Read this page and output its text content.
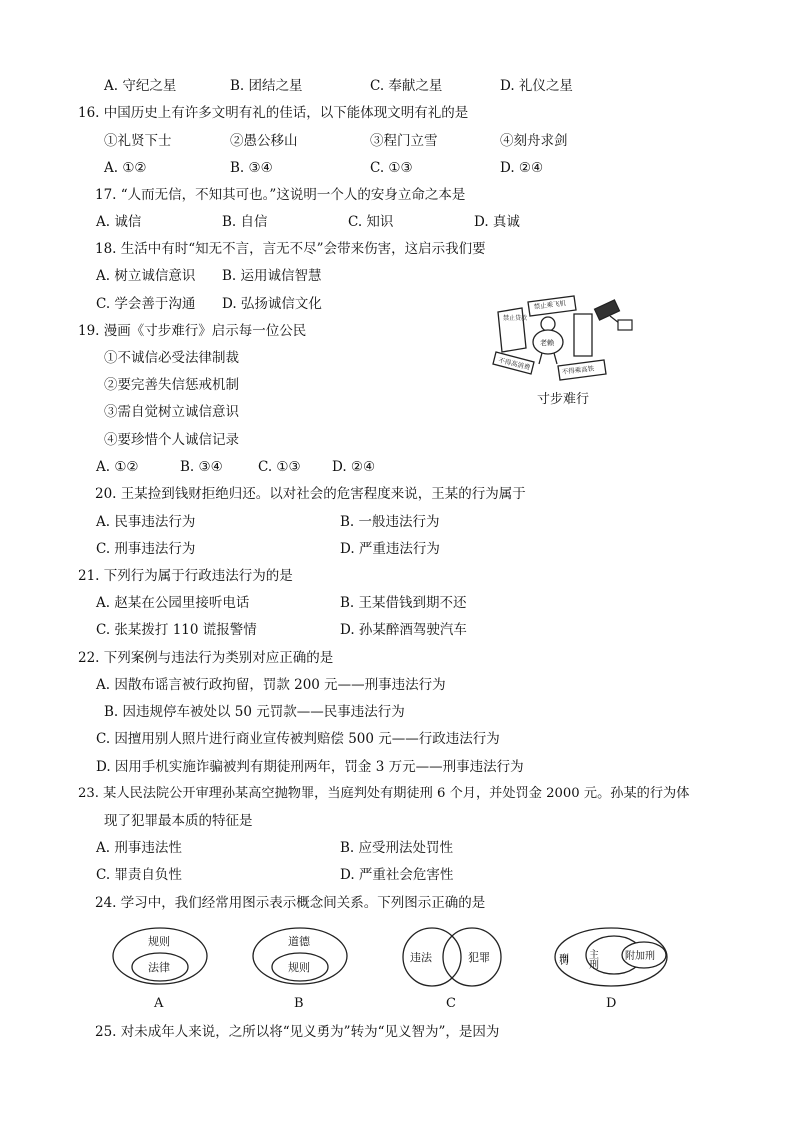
A. 守纪之星	B. 团结之星	C. 奉献之星	D. 礼仪之星
16. 中国历史上有许多文明有礼的佳话，以下能体现文明有礼的是
①礼贤下士	②愚公移山	③程门立雪	④刻舟求剑
A. ①②	B. ③④	C. ①③	D. ②④
17. “人而无信，不知其可也。”这说明一个人的安身立命之本是
A. 诚信	B. 自信	C. 知识	D. 真诚
18. 生活中有时“知无不言，言无不尽”会带来伤害，这启示我们要
A. 树立诚信意识 B. 运用诚信智慧
C. 学会善于沟通 D. 弘扬诚信文化
19. 漫画《寸步难行》启示每一位公民
①不诚信必受法律制裁
②要完善失信惩戒机制
③需自觉树立诚信意识
④要珍惜个人诚信记录
A. ①②	B. ③④	C. ①③ D. ②④
禁止乘飞机
禁止贷款
不得乘高铁
不得高消费
老赖
寸步难行
20. 王某捡到钱财拒绝归还。以对社会的危害程度来说，王某的行为属于
A. 民事违法行为	B. 一般违法行为
C. 刑事违法行为	D. 严重违法行为
21. 下列行为属于行政违法行为的是
A. 赵某在公园里接听电话	B. 王某借钱到期不还
C. 张某拨打 110 谎报警情	D. 孙某醉酒驾驶汽车
22. 下列案例与违法行为类别对应正确的是
A. 因散布谣言被行政拘留，罚款 200 元——刑事违法行为
B. 因违规停车被处以 50 元罚款——民事违法行为
C. 因擅用别人照片进行商业宣传被判赔偿 500 元——行政违法行为
D. 因用手机实施诈骗被判有期徒刑两年，罚金 3 万元——刑事违法行为
23. 某人民法院公开审理孙某高空抛物罪，当庭判处有期徒刑 6 个月，并处罚金 2000 元。孙某的行为体
现了犯罪最本质的特征是
A. 刑事违法性	B. 应受刑法处罚性
C. 罪责自负性	D. 严重社会危害性
24. 学习中，我们经常用图示表示概念间关系。下列图示正确的是
规则
法律
A
道德
规则
B
违法	犯罪
C
刑罚 主刑	附加刑
D
25. 对未成年人来说，之所以将“见义勇为”转为“见义智为”，是因为
